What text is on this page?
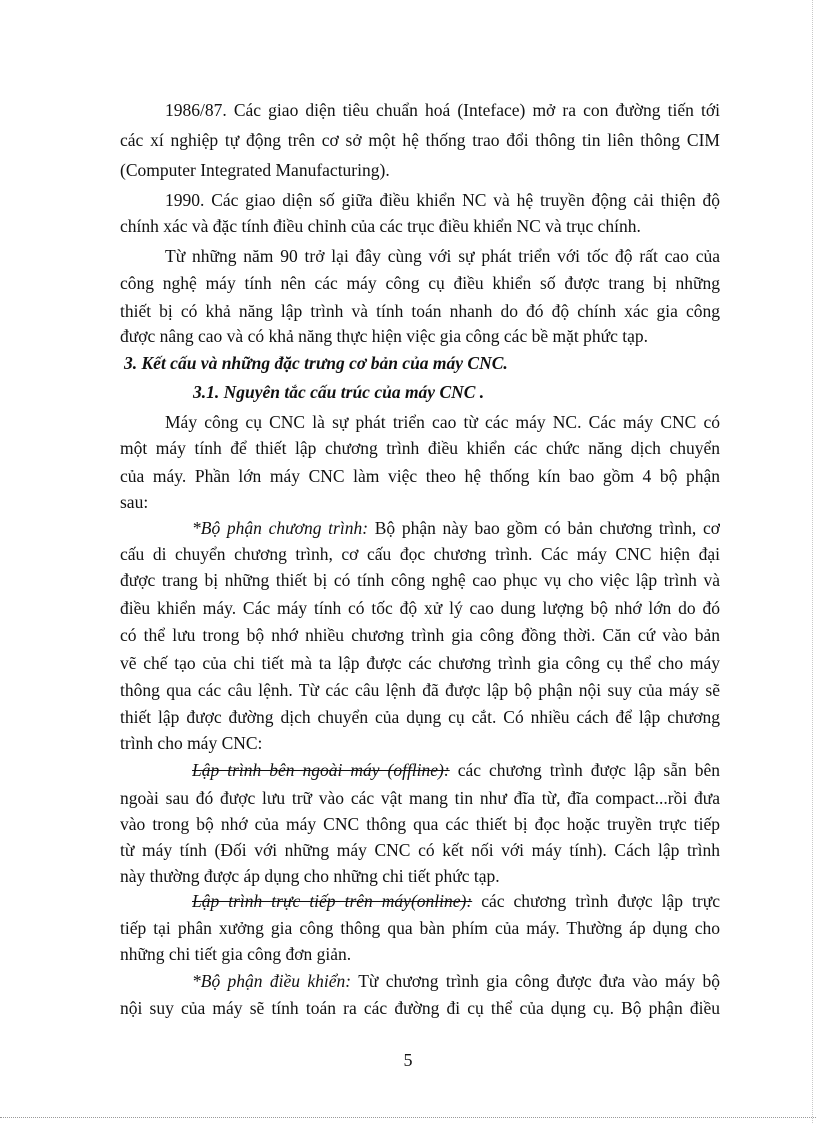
1986/87. Các giao diện tiêu chuẩn hoá (Inteface) mở ra con đường tiến tới
các xí nghiệp tự động trên cơ sở một hệ thống trao đổi thông tin liên thông CIM
(Computer Integrated Manufacturing).
1990. Các giao diện số giữa điều khiển NC và hệ truyền động cải thiện độ
chính xác và đặc tính điều chỉnh của các trục điều khiển NC và trục chính.
Từ những năm 90 trở lại đây cùng với sự phát triển với tốc độ rất cao của
công nghệ máy tính nên các máy công cụ điều khiển số được trang bị những
thiết bị có khả năng lập trình và tính toán nhanh do đó độ chính xác gia công
được nâng cao và có khả năng thực hiện việc gia công các bề mặt phức tạp.
3. Kết cấu và những đặc trưng cơ bản của máy CNC.
3.1. Nguyên tắc cấu trúc của máy CNC .
Máy công cụ CNC là sự phát triển cao từ các máy NC. Các máy CNC có
một máy tính để thiết lập chương trình điều khiển các chức năng dịch chuyển
của máy. Phần lớn máy CNC làm việc theo hệ thống kín bao gồm 4 bộ phận
sau:
*Bộ phận chương trình: Bộ phận này bao gồm có bản chương trình, cơ
cấu di chuyển chương trình, cơ cấu đọc chương trình. Các máy CNC hiện đại
được trang bị những thiết bị có tính công nghệ cao phục vụ cho việc lập trình và
điều khiển máy. Các máy tính có tốc độ xử lý cao dung lượng bộ nhớ lớn do đó
có thể lưu trong bộ nhớ nhiều chương trình gia công đồng thời. Căn cứ vào bản
vẽ chế tạo của chi tiết mà ta lập được các chương trình gia công cụ thể cho máy
thông qua các câu lệnh. Từ các câu lệnh đã được lập bộ phận nội suy của máy sẽ
thiết lập được đường dịch chuyển của dụng cụ cắt. Có nhiều cách để lập chương
trình cho máy CNC:
Lập trình bên ngoài máy (offline): các chương trình được lập sẵn bên
ngoài sau đó được lưu trữ vào các vật mang tin như đĩa từ, đĩa compact...rồi đưa
vào trong bộ nhớ của máy CNC thông qua các thiết bị đọc hoặc truyền trực tiếp
từ máy tính (Đối với những máy CNC có kết nối với máy tính). Cách lập trình
này thường được áp dụng cho những chi tiết phức tạp.
Lập trình trực tiếp trên máy(online): các chương trình được lập trực
tiếp tại phân xưởng gia công thông qua bàn phím của máy. Thường áp dụng cho
những chi tiết gia công đơn giản.
*Bộ phận điều khiển: Từ chương trình gia công được đưa vào máy bộ
nội suy của máy sẽ tính toán ra các đường đi cụ thể của dụng cụ. Bộ phận điều
5
